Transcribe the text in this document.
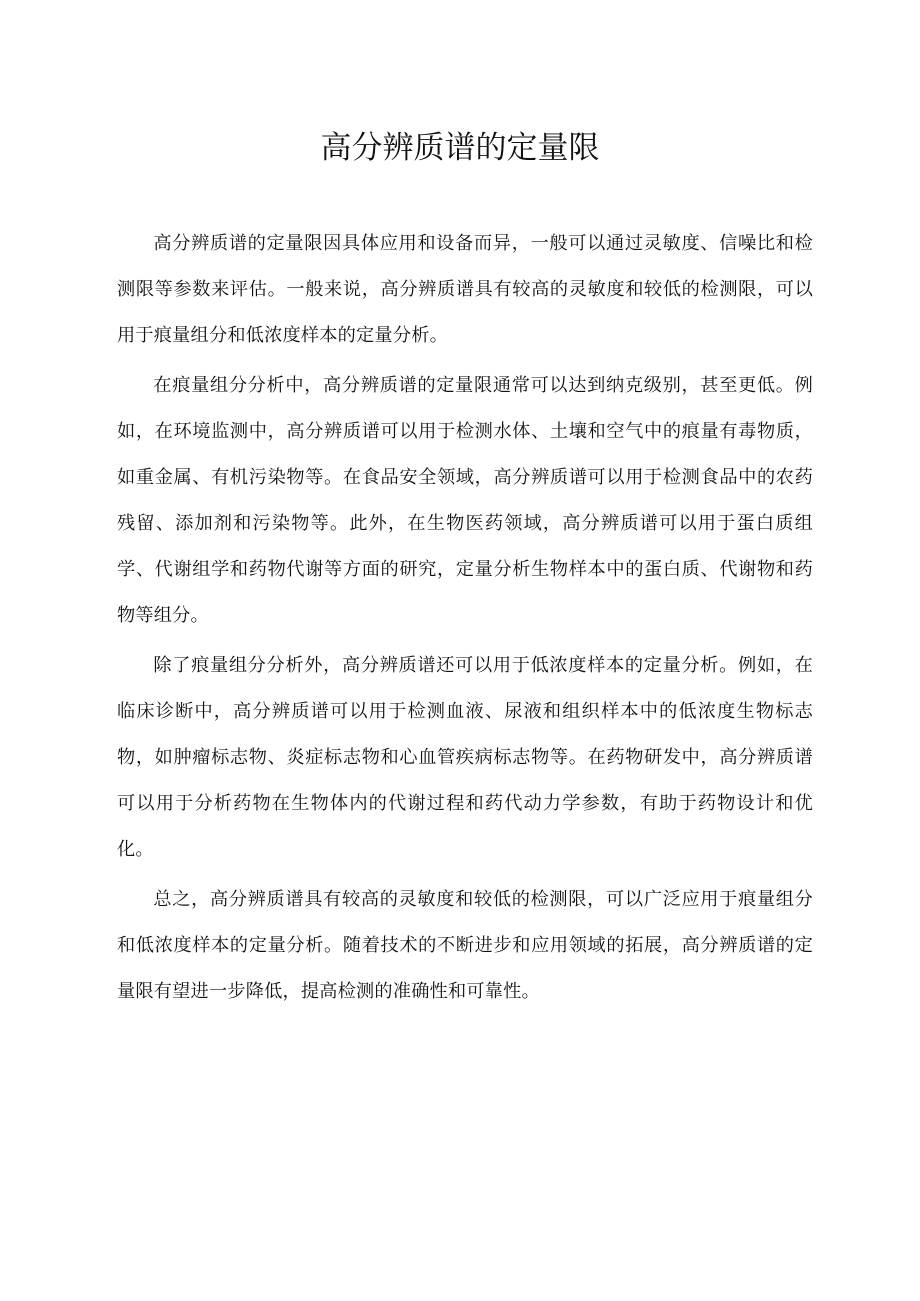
高分辨质谱的定量限

高分辨质谱的定量限因具体应用和设备而异，一般可以通过灵敏度、信噪比和检测限等参数来评估。一般来说，高分辨质谱具有较高的灵敏度和较低的检测限，可以用于痕量组分和低浓度样本的定量分析。

在痕量组分分析中，高分辨质谱的定量限通常可以达到纳克级别，甚至更低。例如，在环境监测中，高分辨质谱可以用于检测水体、土壤和空气中的痕量有毒物质，如重金属、有机污染物等。在食品安全领域，高分辨质谱可以用于检测食品中的农药残留、添加剂和污染物等。此外，在生物医药领域，高分辨质谱可以用于蛋白质组学、代谢组学和药物代谢等方面的研究，定量分析生物样本中的蛋白质、代谢物和药物等组分。

除了痕量组分分析外，高分辨质谱还可以用于低浓度样本的定量分析。例如，在临床诊断中，高分辨质谱可以用于检测血液、尿液和组织样本中的低浓度生物标志物，如肿瘤标志物、炎症标志物和心血管疾病标志物等。在药物研发中，高分辨质谱可以用于分析药物在生物体内的代谢过程和药代动力学参数，有助于药物设计和优化。

总之，高分辨质谱具有较高的灵敏度和较低的检测限，可以广泛应用于痕量组分和低浓度样本的定量分析。随着技术的不断进步和应用领域的拓展，高分辨质谱的定量限有望进一步降低，提高检测的准确性和可靠性。
